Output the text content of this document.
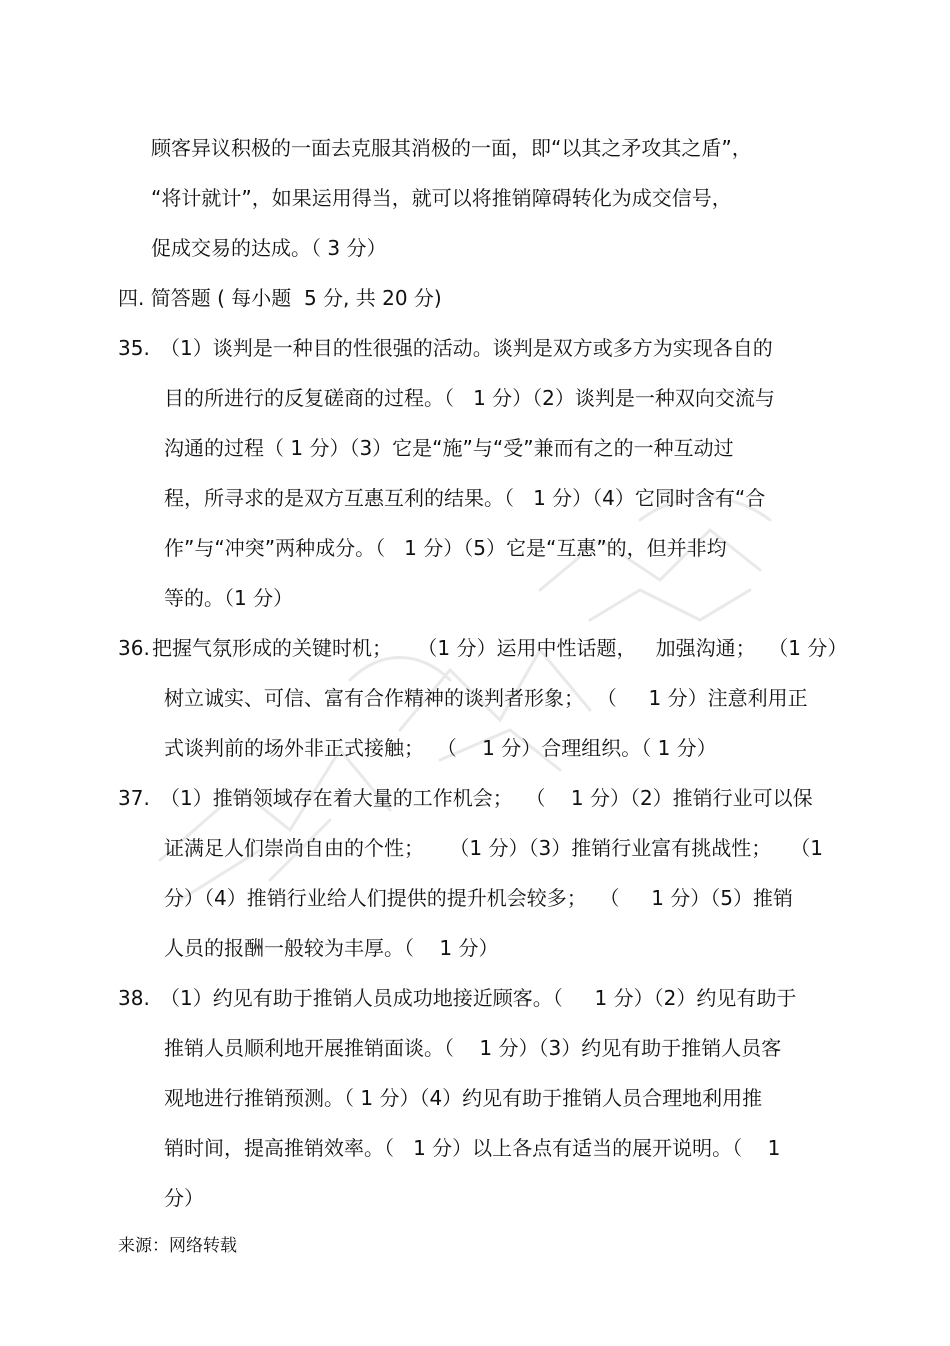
顾客异议积极的一面去克服其消极的一面，即“以其之矛攻其之盾”，
“将计就计”，如果运用得当，就可以将推销障碍转化为成交信号，
促成交易的达成。（ 3 分）
四. 简答题 ( 每小题  5 分, 共 20 分)
35. （1）谈判是一种目的性很强的活动。谈判是双方或多方为实现各自的
目的所进行的反复磋商的过程。（   1 分）（2）谈判是一种双向交流与
沟通的过程（ 1 分）（3）它是“施”与“受”兼而有之的一种互动过
程，所寻求的是双方互惠互利的结果。（   1 分）（4）它同时含有“合
作”与“冲突”两种成分。（   1 分）（5）它是“互惠”的，但并非均
等的。（1 分）
36. 把握气氛形成的关键时机；    （1 分）运用中性话题，   加强沟通；  （1 分）
树立诚实、可信、富有合作精神的谈判者形象；  （     1 分）注意利用正
式谈判前的场外非正式接触；  （    1 分）合理组织。（ 1 分）
37. （1）推销领域存在着大量的工作机会；  （    1 分）（2）推销行业可以保
证满足人们崇尚自由的个性；    （1 分）（3）推销行业富有挑战性；   （1
分）（4）推销行业给人们提供的提升机会较多；  （     1 分）（5）推销
人员的报酬一般较为丰厚。（    1 分）
38. （1）约见有助于推销人员成功地接近顾客。（     1 分）（2）约见有助于
推销人员顺利地开展推销面谈。（    1 分）（3）约见有助于推销人员客
观地进行推销预测。（ 1 分）（4）约见有助于推销人员合理地利用推
销时间，提高推销效率。（   1 分）以上各点有适当的展开说明。（    1
分）
来源：网络转载
